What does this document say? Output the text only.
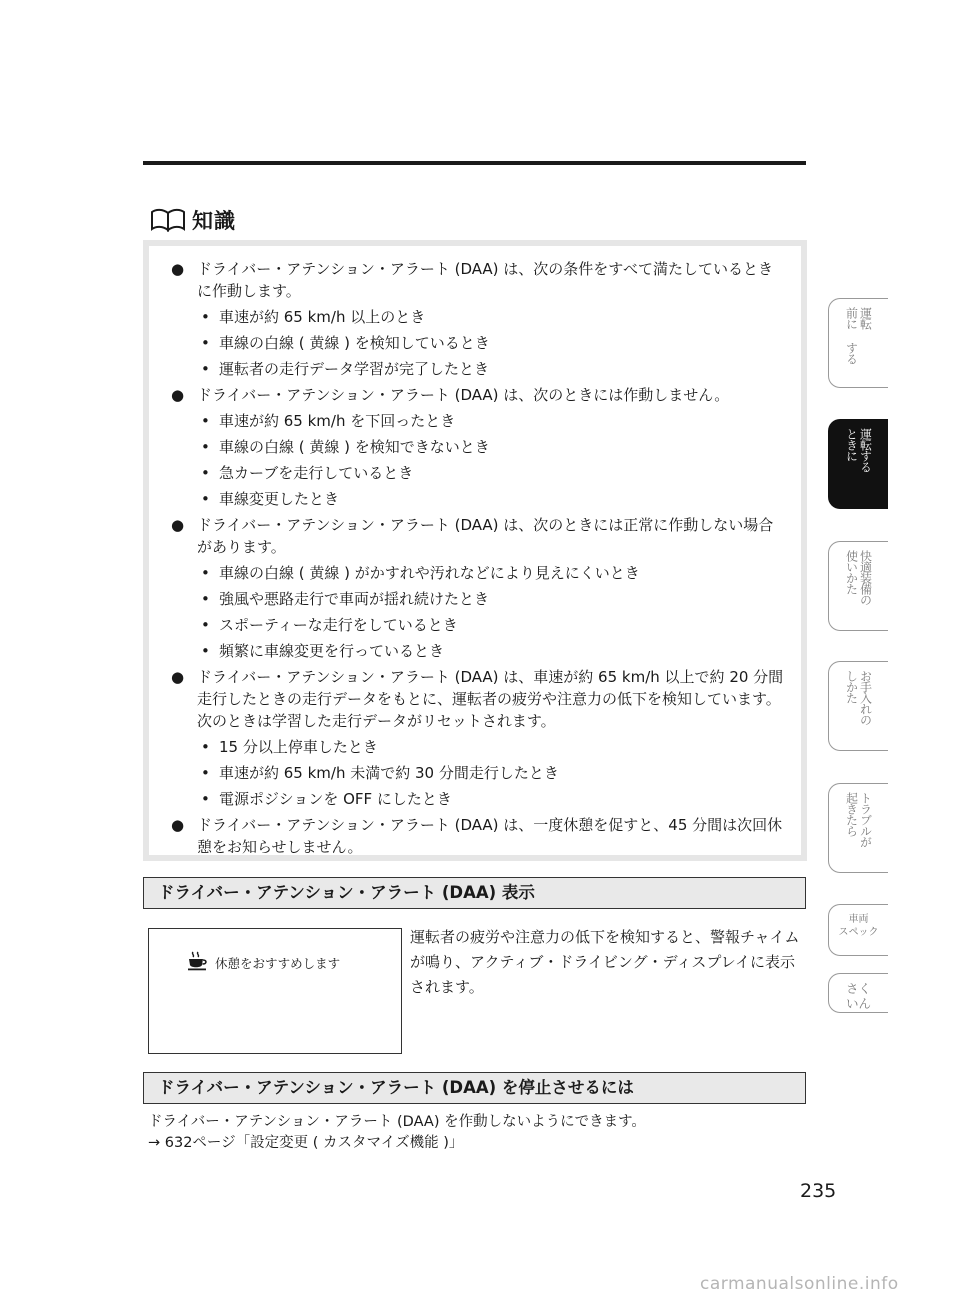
知識
● ドライバー・アテンション・アラート (DAA) は、次の条件をすべて満たしているときに作動します。
• 車速が約 65 km/h 以上のとき
• 車線の白線 ( 黄線 ) を検知しているとき
• 運転者の走行データ学習が完了したとき
● ドライバー・アテンション・アラート (DAA) は、次のときには作動しません。
• 車速が約 65 km/h を下回ったとき
• 車線の白線 ( 黄線 ) を検知できないとき
• 急カーブを走行しているとき
• 車線変更したとき
● ドライバー・アテンション・アラート (DAA) は、次のときには正常に作動しない場合があります。
• 車線の白線 ( 黄線 ) がかすれや汚れなどにより見えにくいとき
• 強風や悪路走行で車両が揺れ続けたとき
• スポーティーな走行をしているとき
• 頻繁に車線変更を行っているとき
● ドライバー・アテンション・アラート (DAA) は、車速が約 65 km/h 以上で約 20 分間走行したときの走行データをもとに、運転者の疲労や注意力の低下を検知しています。次のときは学習した走行データがリセットされます。
• 15 分以上停車したとき
• 車速が約 65 km/h 未満で約 30 分間走行したとき
• 電源ポジションを OFF にしたとき
● ドライバー・アテンション・アラート (DAA) は、一度休憩を促すと、45 分間は次回休憩をお知らせしません。
ドライバー・アテンション・アラート (DAA) 表示
休憩をおすすめします
運転者の疲労や注意力の低下を検知すると、警報チャイムが鳴り、アクティブ・ドライビング・ディスプレイに表示されます。
ドライバー・アテンション・アラート (DAA) を停止させるには
ドライバー・アテンション・アラート (DAA) を作動しないようにできます。
→ 632ページ「設定変更 ( カスタマイズ機能 )」
235
運転
前に する
運転する
ときに
快適装備の
使いかた
お手入れの
しかた
トラブルが
起きたら
車両
スペック
さく
いん
carmanualsonline.info
